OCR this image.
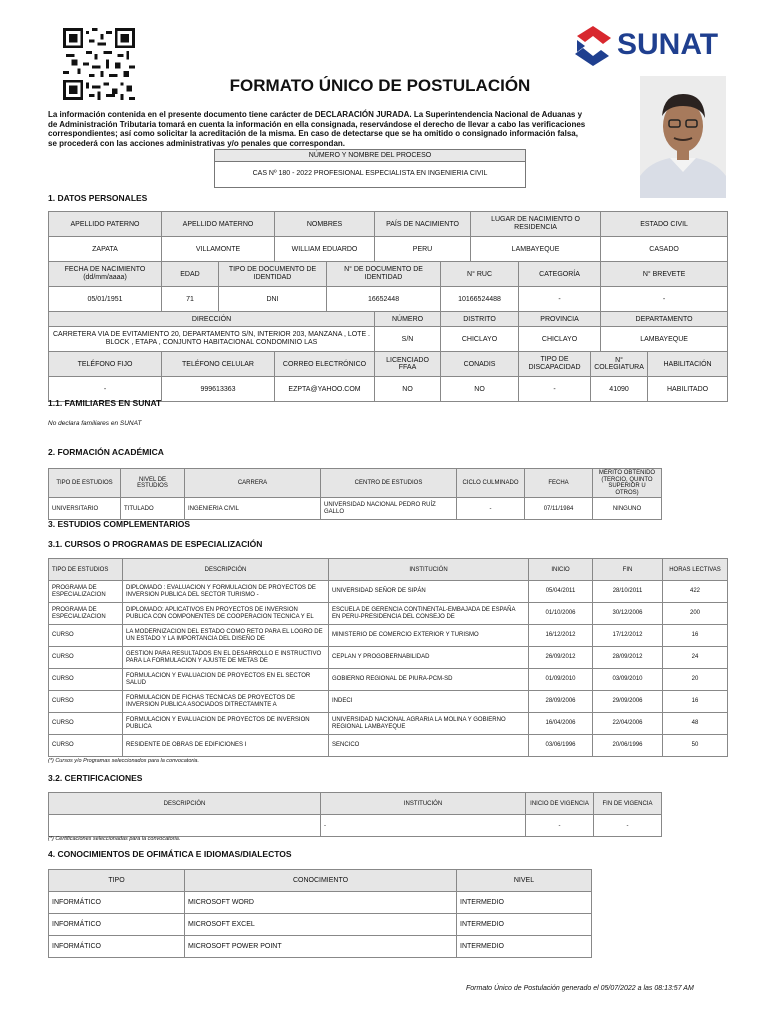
SUNAT
FORMATO ÚNICO DE POSTULACIÓN
La información contenida en el presente documento tiene carácter de DECLARACIÓN JURADA. La Superintendencia Nacional de Aduanas y de Administración Tributaria tomará en cuenta la información en ella consignada, reservándose el derecho de llevar a cabo las verificaciones correspondientes; así como solicitar la acreditación de la misma. En caso de detectarse que se ha omitido o consignado información falsa, se procederá con las acciones administrativas y/o penales que correspondan.
NÚMERO Y NOMBRE DEL PROCESO
CAS Nº 180 - 2022 PROFESIONAL ESPECIALISTA EN INGENIERIA CIVIL
1. DATOS PERSONALES
APELLIDO PATERNO	APELLIDO MATERNO		NOMBRES		PAÍS DE NACIMIENTO		LUGAR DE NACIMIENTO O RESIDENCIA			ESTADO CIVIL	
ZAPATA	VILLAMONTE		WILLIAM EDUARDO		PERU		LAMBAYEQUE			CASADO	
FECHA DE NACIMIENTO (dd/mm/aaaa)	EDAD	TIPO DE DOCUMENTO DE IDENTIDAD		N° DE DOCUMENTO DE IDENTIDAD		N° RUC		CATEGORÍA		N° BREVETE	
05/01/1951	71	DNI		16652448		10166524488		-		-	
DIRECCIÓN					NÚMERO	DISTRITO		PROVINCIA		DEPARTAMENTO	
CARRETERA VIA DE EVITAMIENTO 20, DEPARTAMENTO S/N, INTERIOR 203, MANZANA , LOTE . BLOCK , ETAPA , CONJUNTO HABITACIONAL CONDOMINIO LAS					S/N	CHICLAYO		CHICLAYO		LAMBAYEQUE	
TELÉFONO FIJO	TELÉFONO CELULAR		CORREO ELECTRÓNICO		LICENCIADO FFAA	CONADIS		TIPO DE DISCAPACIDAD	N° COLEGIATURA		HABILITACIÓN
-	999613363		EZPTA@YAHOO.COM		NO	NO		-	41090		HABILITADO
1.1. FAMILIARES EN SUNAT
No declara familiares en SUNAT
2. FORMACIÓN ACADÉMICA
TIPO DE ESTUDIOS	NIVEL DE ESTUDIOS	CARRERA	CENTRO DE ESTUDIOS	CICLO CULMINADO	FECHA	MÉRITO OBTENIDO (TERCIO, QUINTO SUPERIOR U OTROS)
UNIVERSITARIO	TITULADO	INGENIERIA CIVIL	UNIVERSIDAD NACIONAL PEDRO RUÍZ GALLO	-	07/11/1984	NINGUNO
3. ESTUDIOS COMPLEMENTARIOS
3.1. CURSOS O PROGRAMAS DE ESPECIALIZACIÓN
TIPO DE ESTUDIOS	DESCRIPCIÓN	INSTITUCIÓN	INICIO	FIN	HORAS LECTIVAS
PROGRAMA DE ESPECIALIZACION	DIPLOMADO : EVALUACION Y FORMULACION DE PROYECTOS DE INVERSION PUBLICA DEL SECTOR TURISMO -	UNIVERSIDAD SEÑOR DE SIPÁN	05/04/2011	28/10/2011	422
PROGRAMA DE ESPECIALIZACION	DIPLOMADO: APLICATIVOS EN PROYECTOS DE INVERSION PUBLICA CON COMPONENTES DE COOPERACION TECNICA Y EL	ESCUELA DE GERENCIA CONTINENTAL-EMBAJADA DE ESPAÑA EN PERU-PRESIDENCIA DEL CONSEJO DE	01/10/2006	30/12/2006	200
CURSO	LA MODERNIZACION DEL ESTADO COMO RETO PARA EL LOGRO DE UN ESTADO Y LA IMPORTANCIA DEL DISEÑO DE	MINISTERIO DE COMERCIO EXTERIOR Y TURISMO	16/12/2012	17/12/2012	16
CURSO	GESTION PARA RESULTADOS EN EL DESARROLLO E INSTRUCTIVO PARA LA FORMULACION Y AJUSTE DE METAS DE	CEPLAN Y PROGOBERNABILIDAD	26/09/2012	28/09/2012	24
CURSO	FORMULACION Y EVALUACION DE PROYECTOS EN EL SECTOR SALUD	GOBIERNO REGIONAL DE PIURA-PCM-SD	01/09/2010	03/09/2010	20
CURSO	FORMULACION DE FICHAS TECNICAS DE PROYECTOS DE INVERSION PUBLICA ASOCIADOS DITRECTAMNTE A	INDECI	28/09/2006	29/09/2006	16
CURSO	FORMULACION Y EVALUACION DE PROYECTOS DE INVERSION PUBLICA	UNIVERSIDAD NACIONAL AGRARIA LA MOLINA Y GOBIERNO REGIONAL LAMBAYEQUE	16/04/2006	22/04/2006	48
CURSO	RESIDENTE DE OBRAS DE EDIFICIONES I	SENCICO	03/06/1996	20/06/1996	50
(*) Cursos y/o Programas seleccionados para la convocatoria.
3.2. CERTIFICACIONES
DESCRIPCIÓN	INSTITUCIÓN	INICIO DE VIGENCIA	FIN DE VIGENCIA
	-	-	-
(*) Certificaciones seleccionadas para la convocatoria.
4. CONOCIMIENTOS DE OFIMÁTICA E IDIOMAS/DIALECTOS
TIPO	CONOCIMIENTO	NIVEL
INFORMÁTICO	MICROSOFT WORD	INTERMEDIO
INFORMÁTICO	MICROSOFT EXCEL	INTERMEDIO
INFORMÁTICO	MICROSOFT POWER POINT	INTERMEDIO
Formato Único de Postulación generado el 05/07/2022 a las 08:13:57 AM
